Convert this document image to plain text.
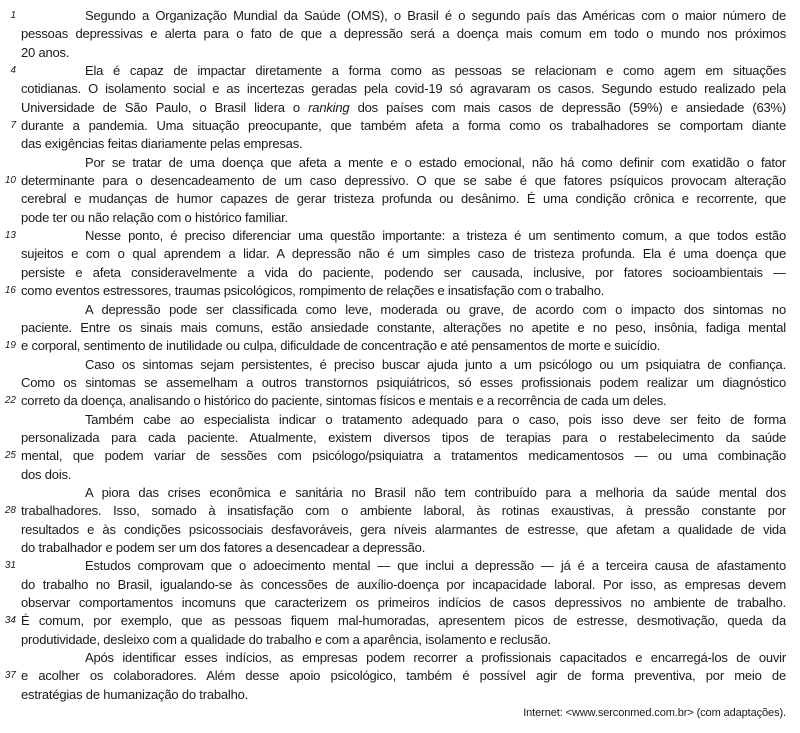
1	Segundo a Organização Mundial da Saúde (OMS), o Brasil é o segundo país das Américas com o maior número de
pessoas depressivas e alerta para o fato de que a depressão será a doença mais comum em todo o mundo nos próximos
20 anos.
4	Ela é capaz de impactar diretamente a forma como as pessoas se relacionam e como agem em situações
cotidianas. O isolamento social e as incertezas geradas pela covid-19 só agravaram os casos. Segundo estudo realizado pela
Universidade de São Paulo, o Brasil lidera o ranking dos países com mais casos de depressão (59%) e ansiedade (63%)
7 durante a pandemia. Uma situação preocupante, que também afeta a forma como os trabalhadores se comportam diante
das exigências feitas diariamente pelas empresas.
Por se tratar de uma doença que afeta a mente e o estado emocional, não há como definir com exatidão o fator
10 determinante para o desencadeamento de um caso depressivo. O que se sabe é que fatores psíquicos provocam alteração
cerebral e mudanças de humor capazes de gerar tristeza profunda ou desânimo. É uma condição crônica e recorrente, que
pode ter ou não relação com o histórico familiar.
13	Nesse ponto, é preciso diferenciar uma questão importante: a tristeza é um sentimento comum, a que todos estão
sujeitos e com o qual aprendem a lidar. A depressão não é um simples caso de tristeza profunda. Ela é uma doença que
persiste e afeta consideravelmente a vida do paciente, podendo ser causada, inclusive, por fatores socioambientais —
16 como eventos estressores, traumas psicológicos, rompimento de relações e insatisfação com o trabalho.
A depressão pode ser classificada como leve, moderada ou grave, de acordo com o impacto dos sintomas no
paciente. Entre os sinais mais comuns, estão ansiedade constante, alterações no apetite e no peso, insônia, fadiga mental
19 e corporal, sentimento de inutilidade ou culpa, dificuldade de concentração e até pensamentos de morte e suicídio.
Caso os sintomas sejam persistentes, é preciso buscar ajuda junto a um psicólogo ou um psiquiatra de confiança.
Como os sintomas se assemelham a outros transtornos psiquiátricos, só esses profissionais podem realizar um diagnóstico
22 correto da doença, analisando o histórico do paciente, sintomas físicos e mentais e a recorrência de cada um deles.
Também cabe ao especialista indicar o tratamento adequado para o caso, pois isso deve ser feito de forma
personalizada para cada paciente. Atualmente, existem diversos tipos de terapias para o restabelecimento da saúde
25 mental, que podem variar de sessões com psicólogo/psiquiatra a tratamentos medicamentosos — ou uma combinação
dos dois.
A piora das crises econômica e sanitária no Brasil não tem contribuído para a melhoria da saúde mental dos
28 trabalhadores. Isso, somado à insatisfação com o ambiente laboral, às rotinas exaustivas, à pressão constante por
resultados e às condições psicossociais desfavoráveis, gera níveis alarmantes de estresse, que afetam a qualidade de vida
do trabalhador e podem ser um dos fatores a desencadear a depressão.
31	Estudos comprovam que o adoecimento mental — que inclui a depressão — já é a terceira causa de afastamento
do trabalho no Brasil, igualando-se às concessões de auxílio-doença por incapacidade laboral. Por isso, as empresas devem
observar comportamentos incomuns que caracterizem os primeiros indícios de casos depressivos no ambiente de trabalho.
34 É comum, por exemplo, que as pessoas fiquem mal-humoradas, apresentem picos de estresse, desmotivação, queda da
produtividade, desleixo com a qualidade do trabalho e com a aparência, isolamento e reclusão.
Após identificar esses indícios, as empresas podem recorrer a profissionais capacitados e encarregá-los de ouvir
37 e acolher os colaboradores. Além desse apoio psicológico, também é possível agir de forma preventiva, por meio de
estratégias de humanização do trabalho.
Internet: <www.serconmed.com.br> (com adaptações).
